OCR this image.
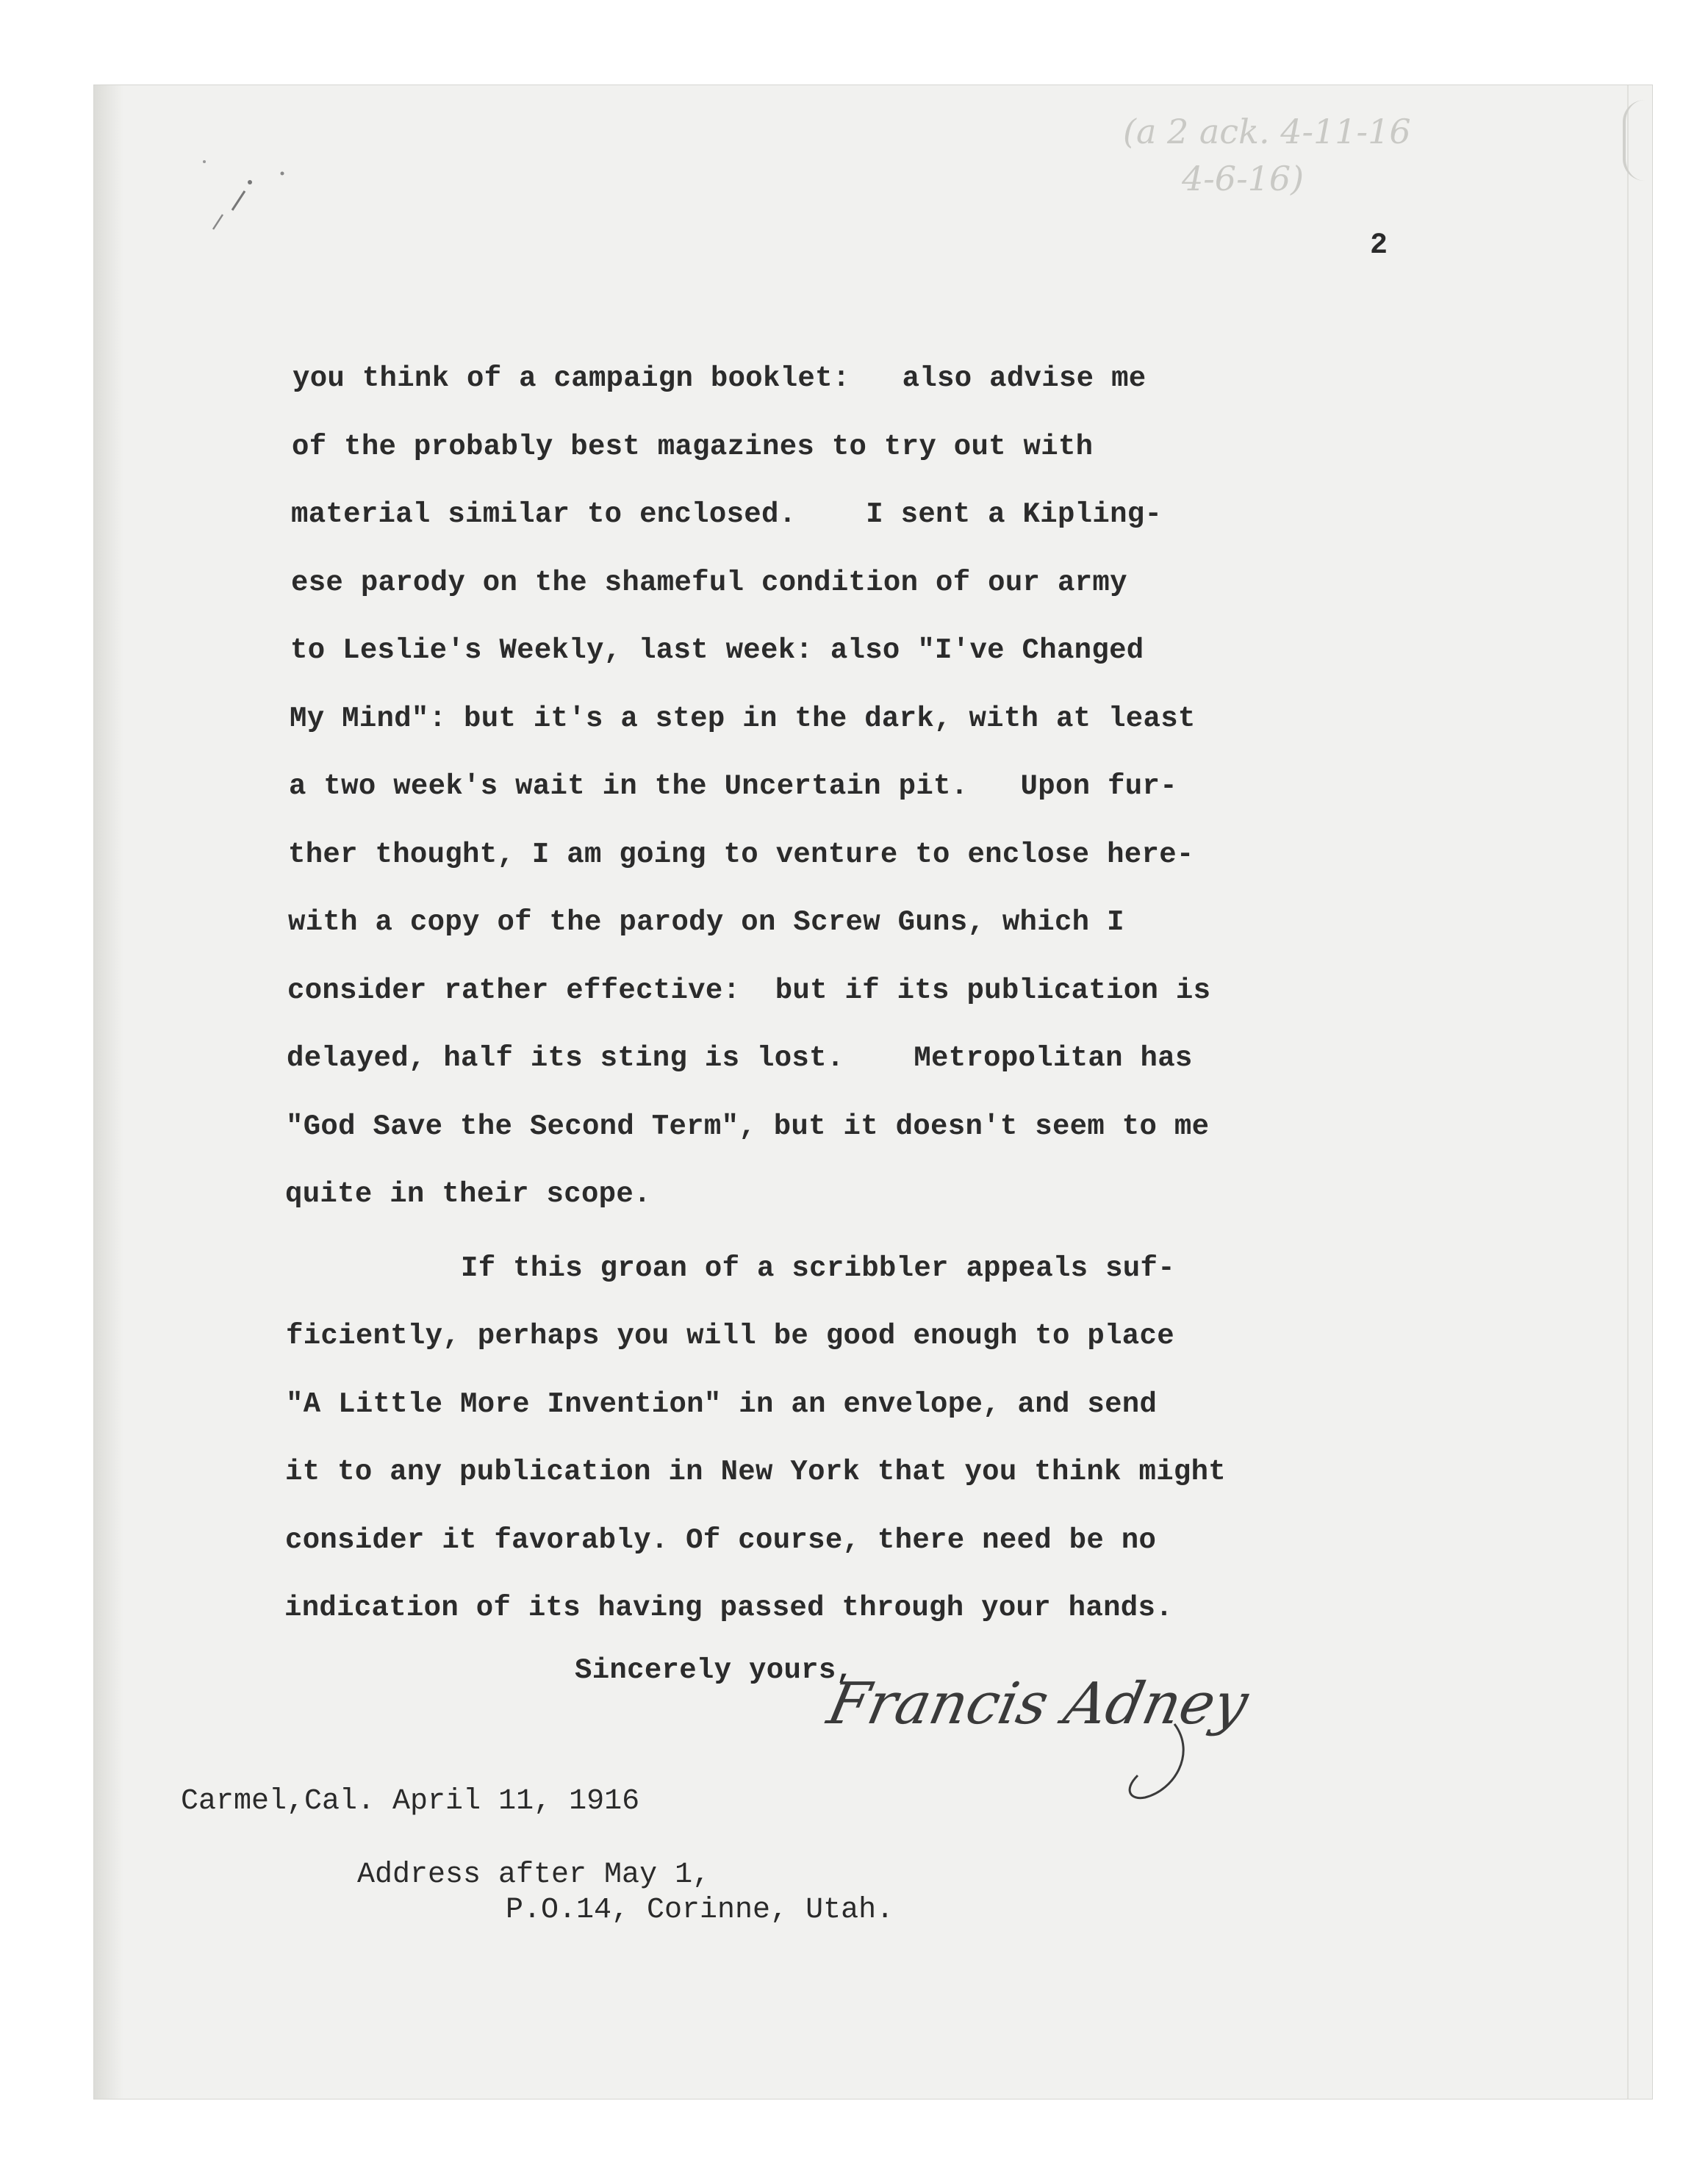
(a 2 ack. 4-11-16
4-6-16)
2
you think of a campaign booklet:   also advise me
of the probably best magazines to try out with
material similar to enclosed.    I sent a Kipling-
ese parody on the shameful condition of our army
to Leslie's Weekly, last week: also "I've Changed
My Mind": but it's a step in the dark, with at least
a two week's wait in the Uncertain pit.   Upon fur-
ther thought, I am going to venture to enclose here-
with a copy of the parody on Screw Guns, which I
consider rather effective:  but if its publication is
delayed, half its sting is lost.    Metropolitan has
"God Save the Second Term", but it doesn't seem to me
quite in their scope.
If this groan of a scribbler appeals suf-
ficiently, perhaps you will be good enough to place
"A Little More Invention" in an envelope, and send
it to any publication in New York that you think might
consider it favorably. Of course, there need be no
indication of its having passed through your hands.
Sincerely yours,
Francis Adney
Carmel,Cal. April 11, 1916
Address after May 1,
P.O.14, Corinne, Utah.
